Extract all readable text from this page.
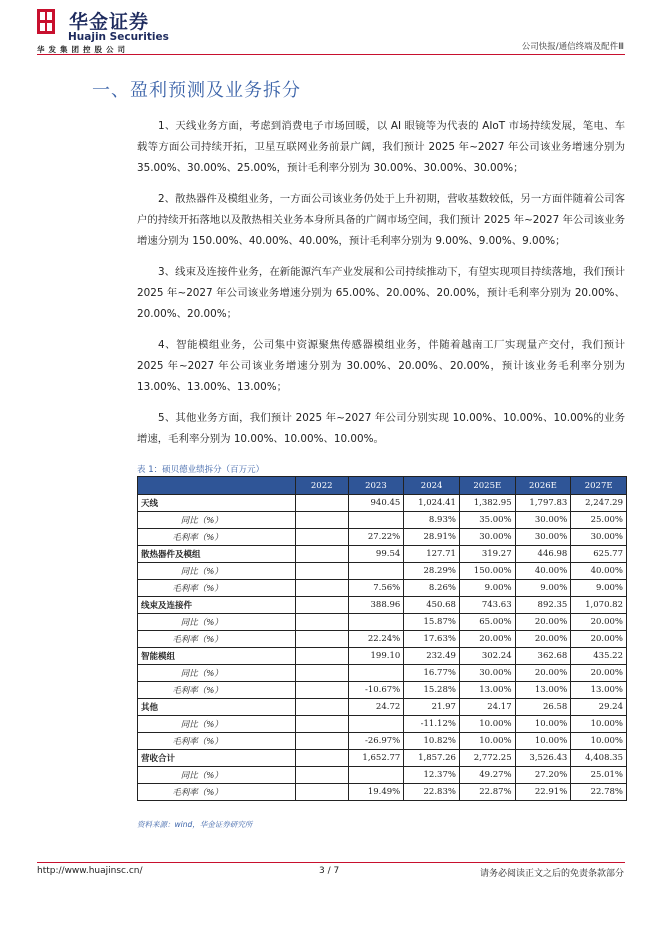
华金证券
Huajin Securities
华发集团控股公司	公司快报/通信终端及配件Ⅲ
一、盈利预测及业务拆分

1、天线业务方面，考虑到消费电子市场回暖，以 AI 眼镜等为代表的 AIoT 市场持续发展，笔电、车载等方面公司持续开拓，卫星互联网业务前景广阔，我们预计 2025 年~2027 年公司该业务增速分别为 35.00%、30.00%、25.00%，预计毛利率分别为 30.00%、30.00%、30.00%；

2、散热器件及模组业务，一方面公司该业务仍处于上升初期，营收基数较低，另一方面伴随着公司客户的持续开拓落地以及散热相关业务本身所具备的广阔市场空间，我们预计 2025 年~2027 年公司该业务增速分别为 150.00%、40.00%、40.00%，预计毛利率分别为 9.00%、9.00%、9.00%；

3、线束及连接件业务，在新能源汽车产业发展和公司持续推动下，有望实现项目持续落地，我们预计 2025 年~2027 年公司该业务增速分别为 65.00%、20.00%、20.00%，预计毛利率分别为 20.00%、20.00%、20.00%；

4、智能模组业务，公司集中资源聚焦传感器模组业务，伴随着越南工厂实现量产交付，我们预计 2025 年~2027 年公司该业务增速分别为 30.00%、20.00%、20.00%，预计该业务毛利率分别为 13.00%、13.00%、13.00%；

5、其他业务方面，我们预计 2025 年~2027 年公司分别实现 10.00%、10.00%、10.00%的业务增速，毛利率分别为 10.00%、10.00%、10.00%。

表 1：硕贝德业绩拆分（百万元）
	2022	2023	2024	2025E	2026E	2027E
天线		940.45	1,024.41	1,382.95	1,797.83	2,247.29
同比（%）			8.93%	35.00%	30.00%	25.00%
毛利率（%）		27.22%	28.91%	30.00%	30.00%	30.00%
散热器件及模组		99.54	127.71	319.27	446.98	625.77
同比（%）			28.29%	150.00%	40.00%	40.00%
毛利率（%）		7.56%	8.26%	9.00%	9.00%	9.00%
线束及连接件		388.96	450.68	743.63	892.35	1,070.82
同比（%）			15.87%	65.00%	20.00%	20.00%
毛利率（%）		22.24%	17.63%	20.00%	20.00%	20.00%
智能模组		199.10	232.49	302.24	362.68	435.22
同比（%）			16.77%	30.00%	20.00%	20.00%
毛利率（%）		-10.67%	15.28%	13.00%	13.00%	13.00%
其他		24.72	21.97	24.17	26.58	29.24
同比（%）			-11.12%	10.00%	10.00%	10.00%
毛利率（%）		-26.97%	10.82%	10.00%	10.00%	10.00%
营收合计		1,652.77	1,857.26	2,772.25	3,526.43	4,408.35
同比（%）			12.37%	49.27%	27.20%	25.01%
毛利率（%）		19.49%	22.83%	22.87%	22.91%	22.78%
资料来源：wind，华金证券研究所
http://www.huajinsc.cn/	3 / 7	请务必阅读正文之后的免责条款部分
